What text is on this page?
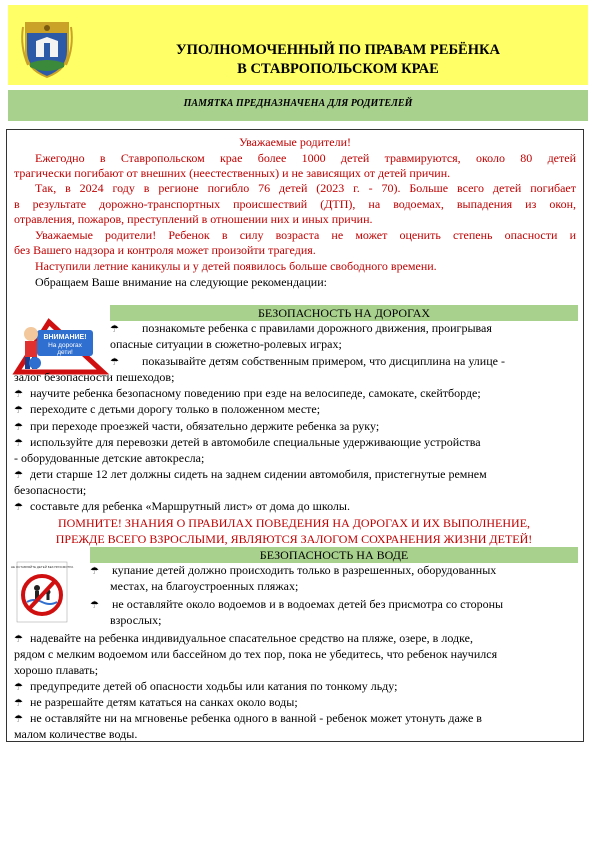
УПОЛНОМОЧЕННЫЙ ПО ПРАВАМ РЕБЁНКА
В СТАВРОПОЛЬСКОМ КРАЕ
ПАМЯТКА ПРЕДНАЗНАЧЕНА ДЛЯ РОДИТЕЛЕЙ
Уважаемые родители!
Ежегодно в Ставропольском крае более 1000 детей травмируются, около 80 детей
трагически погибают от внешних (неестественных) и не зависящих от детей причин.
Так, в 2024 году в регионе погибло 76 детей (2023 г. - 70). Больше всего детей погибает
в результате дорожно-транспортных происшествий (ДТП), на водоемах, выпадения из окон,
отравления, пожаров, преступлений в отношении них и иных причин.
Уважаемые родители! Ребенок в силу возраста не может оценить степень опасности и
без Вашего надзора и контроля может произойти трагедия.
Наступили летние каникулы и у детей появилось больше свободного времени.
Обращаем Ваше внимание на следующие рекомендации:
БЕЗОПАСНОСТЬ НА ДОРОГАХ
ВНИМАНИЕ!
На дорогах
дети!
☂ познакомьте ребенка с правилами дорожного движения, проигрывая
опасные ситуации в сюжетно-ролевых играх;
☂ показывайте детям собственным примером, что дисциплина на улице -
залог безопасности пешеходов;
☂ научите ребенка безопасному поведению при езде на велосипеде, самокате, скейтборде;
☂ переходите с детьми дорогу только в положенном месте;
☂ при переходе проезжей части, обязательно держите ребенка за руку;
☂ используйте для перевозки детей в автомобиле специальные удерживающие устройства
- оборудованные детские автокресла;
☂ дети старше 12 лет должны сидеть на заднем сидении автомобиля, пристегнутые ремнем
безопасности;
☂ составьте для ребенка «Маршрутный лист» от дома до школы.
ПОМНИТЕ! ЗНАНИЯ О ПРАВИЛАХ ПОВЕДЕНИЯ НА ДОРОГАХ И ИХ ВЫПОЛНЕНИЕ,
ПРЕЖДЕ ВСЕГО ВЗРОСЛЫМИ, ЯВЛЯЮТСЯ ЗАЛОГОМ СОХРАНЕНИЯ ЖИЗНИ ДЕТЕЙ!
БЕЗОПАСНОСТЬ НА ВОДЕ
НЕ ОСТАВЛЯЙТЕ ДЕТЕЙ БЕЗ ПРИСМОТРА ☂ купание детей должно происходить только в разрешенных, оборудованных
местах, на благоустроенных пляжах;
☂ не оставляйте около водоемов и в водоемах детей без присмотра со стороны
взрослых;
☂ надевайте на ребенка индивидуальное спасательное средство на пляже, озере, в лодке,
рядом с мелким водоемом или бассейном до тех пор, пока не убедитесь, что ребенок научился
хорошо плавать;
☂ предупредите детей об опасности ходьбы или катания по тонкому льду;
☂ не разрешайте детям кататься на санках около воды;
☂ не оставляйте ни на мгновенье ребенка одного в ванной - ребенок может утонуть даже в
малом количестве воды.
